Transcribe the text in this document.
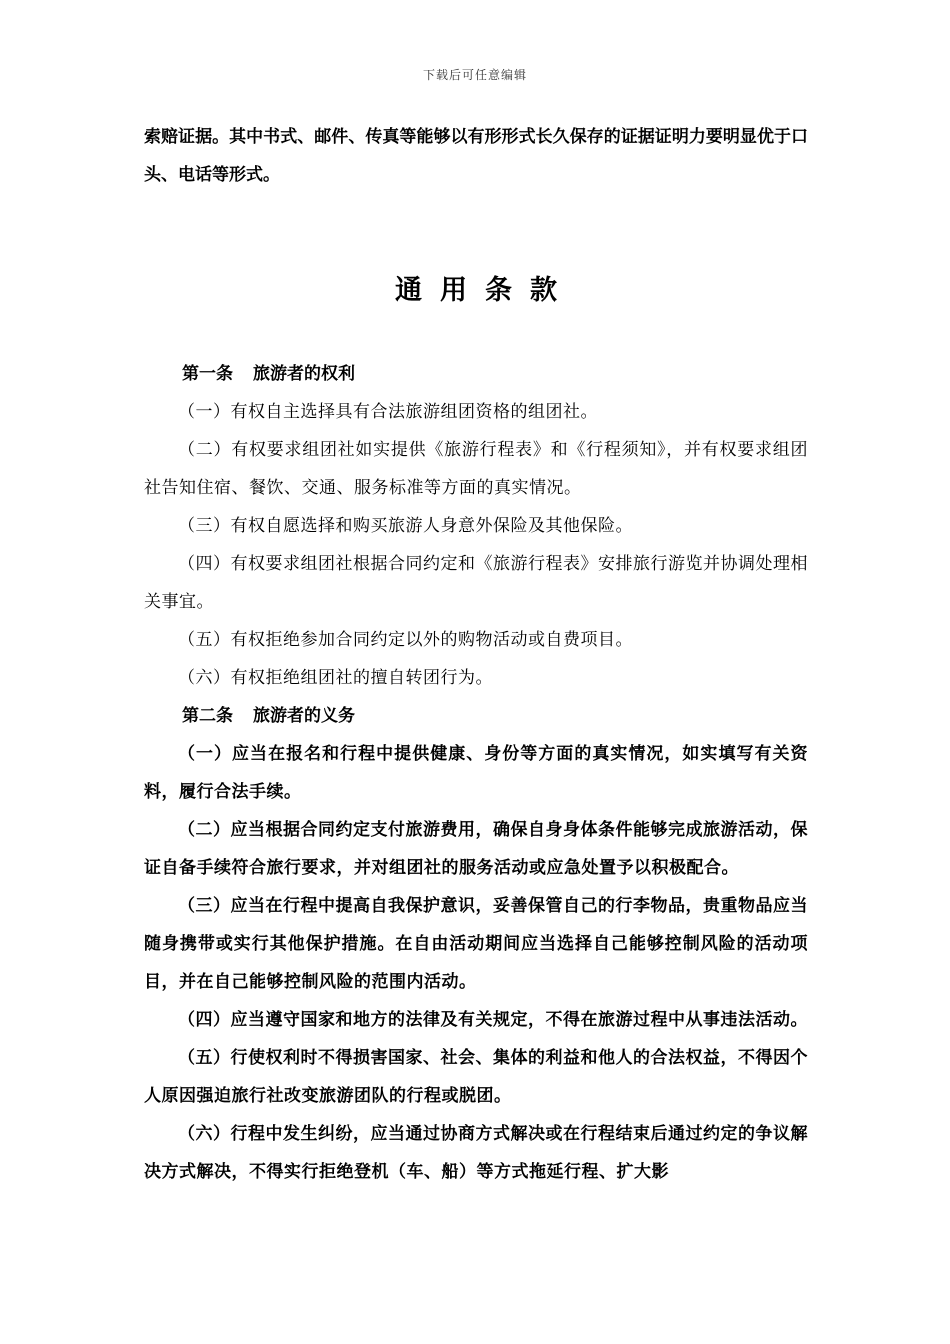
下载后可任意编辑

索赔证据。其中书式、邮件、传真等能够以有形形式长久保存的证据证明力要明显优于口头、电话等形式。

通用条款

第一条 旅游者的权利

（一）有权自主选择具有合法旅游组团资格的组团社。

（二）有权要求组团社如实提供《旅游行程表》和《行程须知》，并有权要求组团社告知住宿、餐饮、交通、服务标准等方面的真实情况。

（三）有权自愿选择和购买旅游人身意外保险及其他保险。

（四）有权要求组团社根据合同约定和《旅游行程表》安排旅行游览并协调处理相关事宜。

（五）有权拒绝参加合同约定以外的购物活动或自费项目。

（六）有权拒绝组团社的擅自转团行为。

第二条 旅游者的义务

（一）应当在报名和行程中提供健康、身份等方面的真实情况，如实填写有关资料，履行合法手续。

（二）应当根据合同约定支付旅游费用，确保自身身体条件能够完成旅游活动，保证自备手续符合旅行要求，并对组团社的服务活动或应急处置予以积极配合。

（三）应当在行程中提高自我保护意识，妥善保管自己的行李物品，贵重物品应当随身携带或实行其他保护措施。在自由活动期间应当选择自己能够控制风险的活动项目，并在自己能够控制风险的范围内活动。

（四）应当遵守国家和地方的法律及有关规定，不得在旅游过程中从事违法活动。

（五）行使权利时不得损害国家、社会、集体的利益和他人的合法权益，不得因个人原因强迫旅行社改变旅游团队的行程或脱团。

（六）行程中发生纠纷，应当通过协商方式解决或在行程结束后通过约定的争议解决方式解决，不得实行拒绝登机（车、船）等方式拖延行程、扩大影
